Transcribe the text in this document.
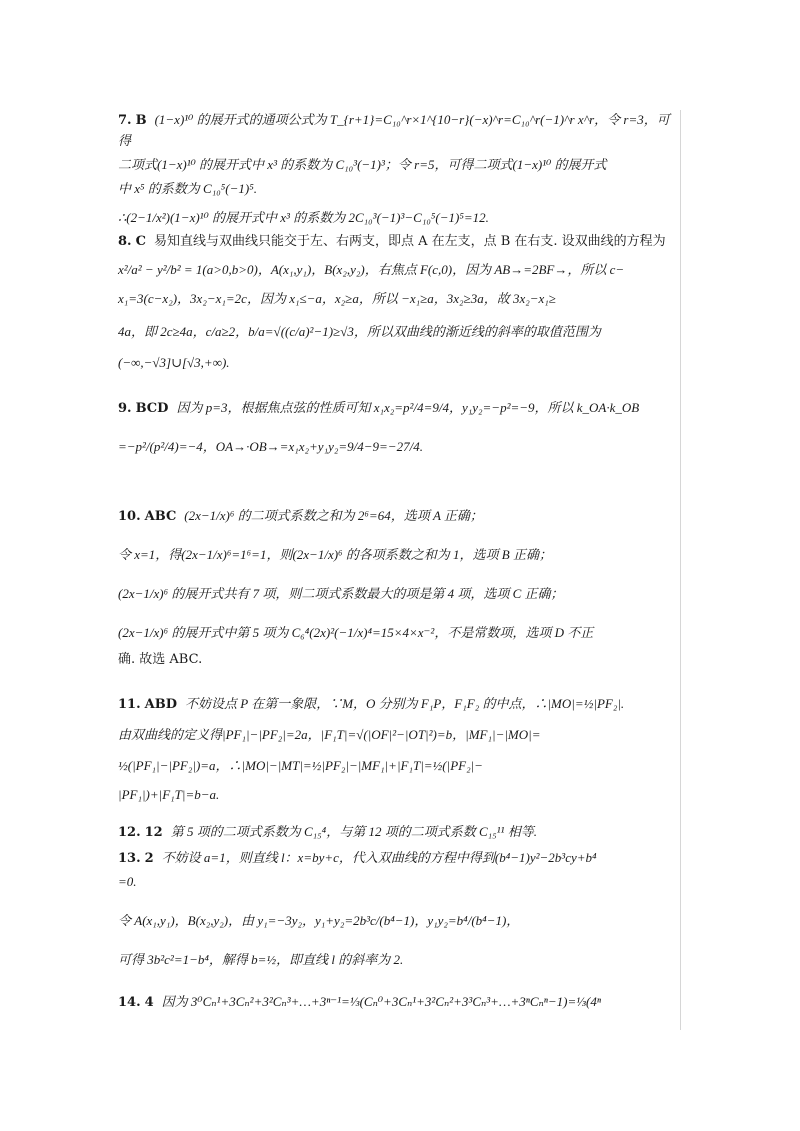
7. B (1−x)¹⁰ 的展开式的通项公式为 T_{r+1}=C₁₀^r×1^{10−r}(−x)^r=C₁₀^r(−1)^r x^r，令 r=3，可得

二项式(1−x)¹⁰ 的展开式中 x³ 的系数为 C₁₀³(−1)³；令 r=5，可得二项式(1−x)¹⁰ 的展开式

中 x⁵ 的系数为 C₁₀⁵(−1)⁵.

∴(2−1/x²)(1−x)¹⁰ 的展开式中 x³ 的系数为 2C₁₀³(−1)³−C₁₀⁵(−1)⁵=12.

8. C 易知直线与双曲线只能交于左、右两支，即点 A 在左支，点 B 在右支. 设双曲线的方程为

x²/a² − y²/b² = 1(a>0,b>0)，A(x₁,y₁)，B(x₂,y₂)，右焦点 F(c,0)，因为 AB→=2BF→，所以 c−

x₁=3(c−x₂)，3x₂−x₁=2c，因为 x₁≤−a，x₂≥a，所以 −x₁≥a，3x₂≥3a，故 3x₂−x₁≥

4a，即 2c≥4a，c/a≥2，b/a=√((c/a)²−1)≥√3，所以双曲线的渐近线的斜率的取值范围为

(−∞,−√3]∪[√3,+∞).

9. BCD 因为 p=3，根据焦点弦的性质可知 x₁x₂=p²/4=9/4，y₁y₂=−p²=−9，所以 k_OA·k_OB

=−p²/(p²/4)=−4，OA→·OB→=x₁x₂+y₁y₂=9/4−9=−27/4.

10. ABC (2x−1/x)⁶ 的二项式系数之和为 2⁶=64，选项 A 正确；

令 x=1，得(2x−1/x)⁶=1⁶=1，则(2x−1/x)⁶ 的各项系数之和为 1，选项 B 正确；

(2x−1/x)⁶ 的展开式共有 7 项，则二项式系数最大的项是第 4 项，选项 C 正确；

(2x−1/x)⁶ 的展开式中第 5 项为 C₆⁴(2x)²(−1/x)⁴=15×4×x⁻²，不是常数项，选项 D 不正

确. 故选 ABC.

11. ABD 不妨设点 P 在第一象限，∵M，O 分别为 F₁P，F₁F₂ 的中点，∴|MO|=½|PF₂|.

由双曲线的定义得|PF₁|−|PF₂|=2a，|F₁T|=√(|OF|²−|OT|²)=b，|MF₁|−|MO|=

½(|PF₁|−|PF₂|)=a，∴|MO|−|MT|=½|PF₂|−|MF₁|+|F₁T|=½(|PF₂|−

|PF₁|)+|F₁T|=b−a.

12. 12 第 5 项的二项式系数为 C₁₅⁴，与第 12 项的二项式系数 C₁₅¹¹ 相等.

13. 2 不妨设 a=1，则直线 l：x=by+c，代入双曲线的方程中得到(b⁴−1)y²−2b³cy+b⁴

=0.

令 A(x₁,y₁)，B(x₂,y₂)，由 y₁=−3y₂，y₁+y₂=2b³c/(b⁴−1)，y₁y₂=b⁴/(b⁴−1)，

可得 3b²c²=1−b⁴，解得 b=½，即直线 l 的斜率为 2.

14. 4 因为 3⁰Cₙ¹+3Cₙ²+3²Cₙ³+…+3ⁿ⁻¹=⅓(Cₙ⁰+3Cₙ¹+3²Cₙ²+3³Cₙ³+…+3ⁿCₙⁿ−1)=⅓(4ⁿ
